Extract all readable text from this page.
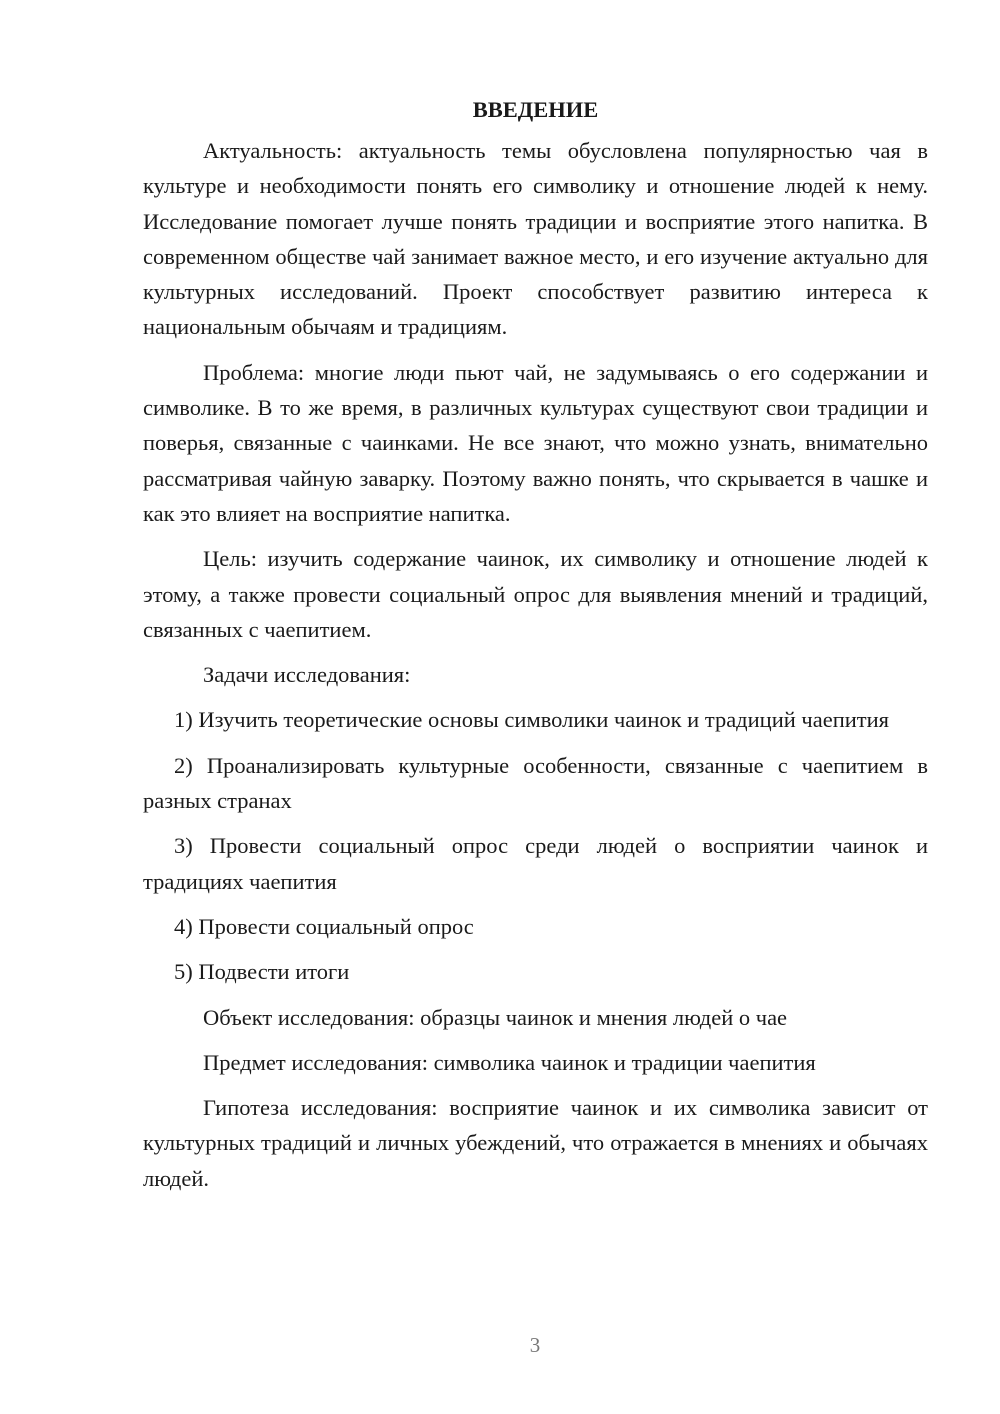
ВВЕДЕНИЕ

Актуальность: актуальность темы обусловлена популярностью чая в культуре и необходимости понять его символику и отношение людей к нему. Исследование помогает лучше понять традиции и восприятие этого напитка. В современном обществе чай занимает важное место, и его изучение актуально для культурных исследований. Проект способствует развитию интереса к национальным обычаям и традициям.

Проблема: многие люди пьют чай, не задумываясь о его содержании и символике. В то же время, в различных культурах существуют свои традиции и поверья, связанные с чаинками. Не все знают, что можно узнать, внимательно рассматривая чайную заварку. Поэтому важно понять, что скрывается в чашке и как это влияет на восприятие напитка.

Цель: изучить содержание чаинок, их символику и отношение людей к этому, а также провести социальный опрос для выявления мнений и традиций, связанных с чаепитием.

Задачи исследования:

1) Изучить теоретические основы символики чаинок и традиций чаепития

2) Проанализировать культурные особенности, связанные с чаепитием в разных странах

3) Провести социальный опрос среди людей о восприятии чаинок и традициях чаепития

4) Провести социальный опрос

5) Подвести итоги

Объект исследования: образцы чаинок и мнения людей о чае

Предмет исследования: символика чаинок и традиции чаепития

Гипотеза исследования: восприятие чаинок и их символика зависит от культурных традиций и личных убеждений, что отражается в мнениях и обычаях людей.

3
